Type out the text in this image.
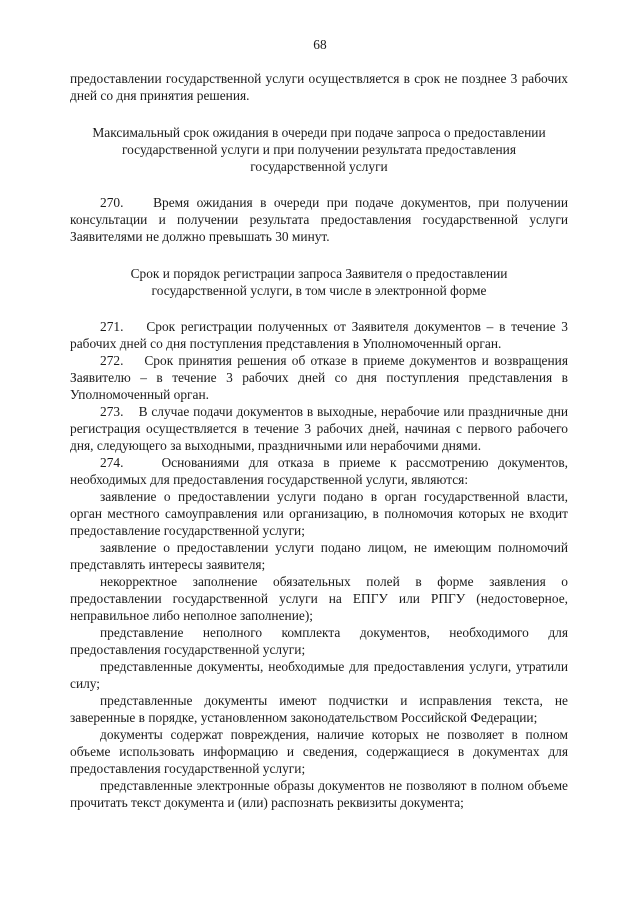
68

предоставлении государственной услуги осуществляется в срок не позднее 3 рабочих дней со дня принятия решения.

Максимальный срок ожидания в очереди при подаче запроса о предоставлении
государственной услуги и при получении результата предоставления
государственной услуги

270.    Время ожидания в очереди при подаче документов, при получении консультации и получении результата предоставления государственной услуги Заявителями не должно превышать 30 минут.

Срок и порядок регистрации запроса Заявителя о предоставлении
государственной услуги, в том числе в электронной форме

271.    Срок регистрации полученных от Заявителя документов – в течение 3 рабочих дней со дня поступления представления в Уполномоченный орган.

272.    Срок принятия решения об отказе в приеме документов и возвращения Заявителю – в течение 3 рабочих дней со дня поступления представления в Уполномоченный орган.

273.    В случае подачи документов в выходные, нерабочие или праздничные дни регистрация осуществляется в течение 3 рабочих дней, начиная с первого рабочего дня, следующего за выходными, праздничными или нерабочими днями.

274.    Основаниями для отказа в приеме к рассмотрению документов, необходимых для предоставления государственной услуги, являются:

заявление о предоставлении услуги подано в орган государственной власти, орган местного самоуправления или организацию, в полномочия которых не входит предоставление государственной услуги;

заявление о предоставлении услуги подано лицом, не имеющим полномочий представлять интересы заявителя;

некорректное заполнение обязательных полей в форме заявления о предоставлении государственной услуги на ЕПГУ или РПГУ (недостоверное, неправильное либо неполное заполнение);

представление неполного комплекта документов, необходимого для предоставления государственной услуги;

представленные документы, необходимые для предоставления услуги, утратили силу;

представленные документы имеют подчистки и исправления текста, не заверенные в порядке, установленном законодательством Российской Федерации;

документы содержат повреждения, наличие которых не позволяет в полном объеме использовать информацию и сведения, содержащиеся в документах для предоставления государственной услуги;

представленные электронные образы документов не позволяют в полном объеме прочитать текст документа и (или) распознать реквизиты документа;
